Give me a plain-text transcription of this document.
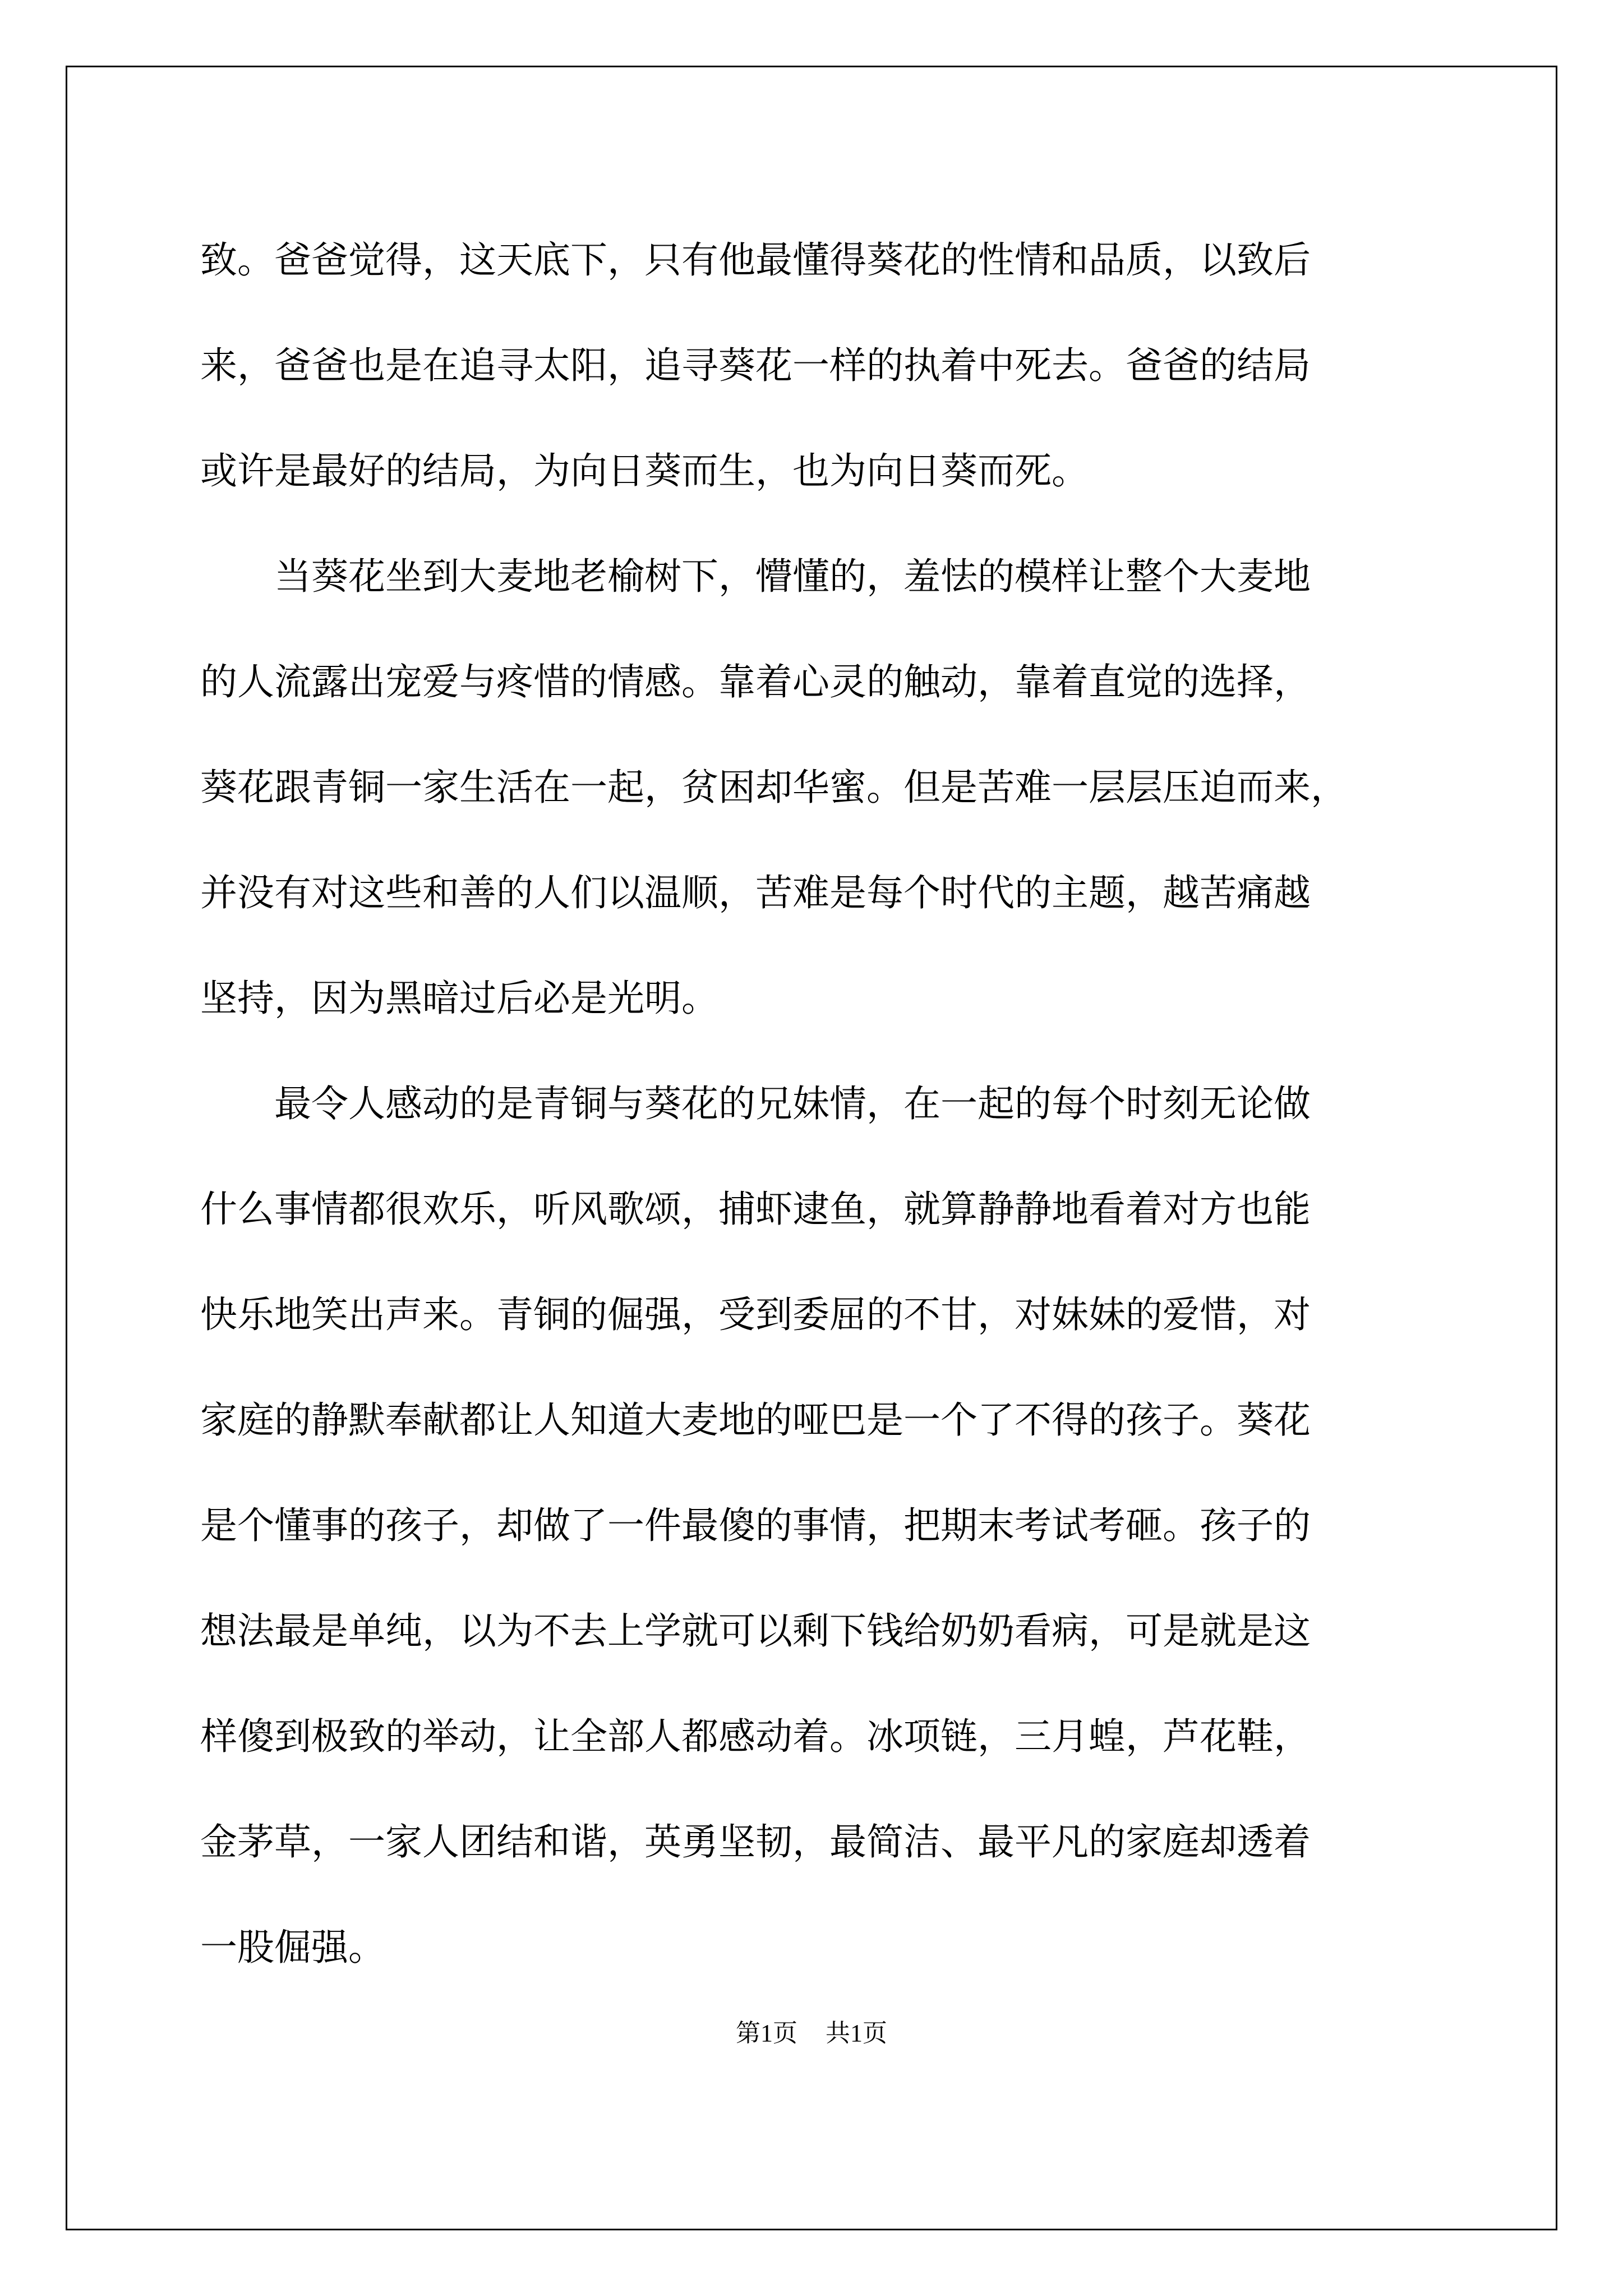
致。爸爸觉得，这天底下，只有他最懂得葵花的性情和品质，以致后
来，爸爸也是在追寻太阳，追寻葵花一样的执着中死去。爸爸的结局
或许是最好的结局，为向日葵而生，也为向日葵而死。

当葵花坐到大麦地老榆树下，懵懂的，羞怯的模样让整个大麦地
的人流露出宠爱与疼惜的情感。靠着心灵的触动，靠着直觉的选择，
葵花跟青铜一家生活在一起，贫困却华蜜。但是苦难一层层压迫而来，
并没有对这些和善的人们以温顺，苦难是每个时代的主题，越苦痛越
坚持，因为黑暗过后必是光明。

最令人感动的是青铜与葵花的兄妹情，在一起的每个时刻无论做
什么事情都很欢乐，听风歌颂，捕虾逮鱼，就算静静地看着对方也能
快乐地笑出声来。青铜的倔强，受到委屈的不甘，对妹妹的爱惜，对
家庭的静默奉献都让人知道大麦地的哑巴是一个了不得的孩子。葵花
是个懂事的孩子，却做了一件最傻的事情，把期末考试考砸。孩子的
想法最是单纯，以为不去上学就可以剩下钱给奶奶看病，可是就是这
样傻到极致的举动，让全部人都感动着。冰项链，三月蝗，芦花鞋，
金茅草，一家人团结和谐，英勇坚韧，最简洁、最平凡的家庭却透着
一股倔强。

第1页 共1页
